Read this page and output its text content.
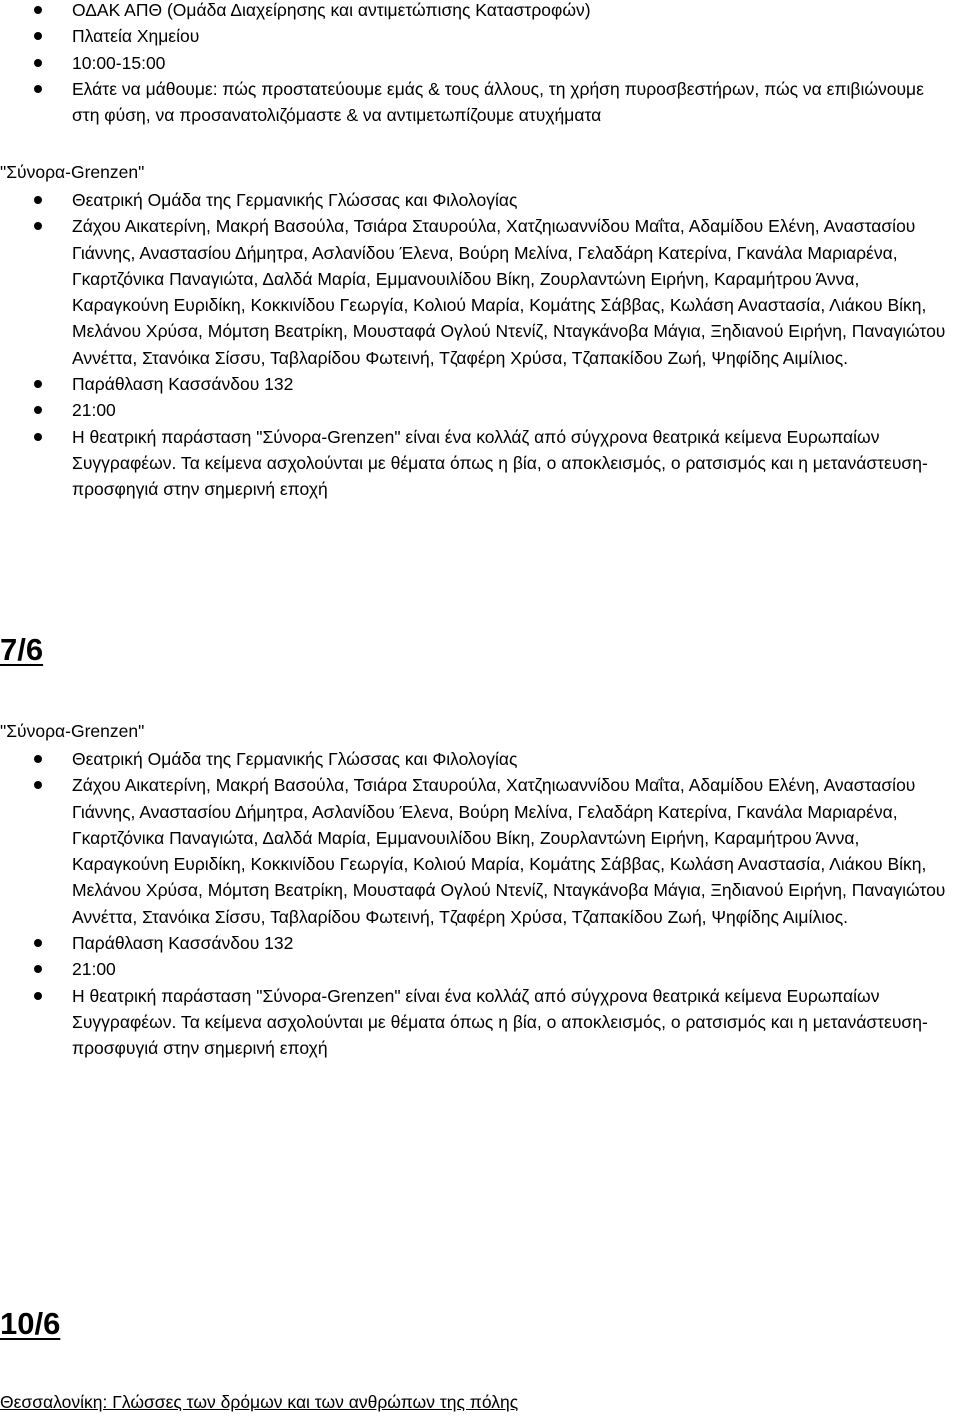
ΟΔΑΚ ΑΠΘ (Ομάδα Διαχείρησης και αντιμετώπισης Καταστροφών)
Πλατεία Χημείου
10:00-15:00
Ελάτε να μάθουμε: πώς προστατεύουμε εμάς & τους άλλους, τη χρήση πυροσβεστήρων, πώς να επιβιώνουμε στη φύση, να προσανατολιζόμαστε & να αντιμετωπίζουμε ατυχήματα

"Σύνορα-Grenzen"

Θεατρική Ομάδα της Γερμανικής Γλώσσας και Φιλολογίας
Ζάχου Αικατερίνη, Μακρή Βασούλα, Τσιάρα Σταυρούλα, Χατζηιωαννίδου Μαΐτα, Αδαμίδου Ελένη, Αναστασίου Γιάννης, Αναστασίου Δήμητρα, Ασλανίδου Έλενα, Βούρη Μελίνα, Γελαδάρη Κατερίνα, Γκανάλα Μαριαρένα, Γκαρτζόνικα Παναγιώτα, Δαλδά Μαρία, Εμμανουιλίδου Βίκη, Ζουρλαντώνη Ειρήνη, Καραμήτρου Άννα, Καραγκούνη Ευριδίκη, Κοκκινίδου Γεωργία, Κολιού Μαρία, Κομάτης Σάββας, Κωλάση Αναστασία, Λιάκου Βίκη, Μελάνου Χρύσα, Μόμτση Βεατρίκη, Μουσταφά Ογλού Ντενίζ, Νταγκάνοβα Μάγια, Ξηδιανού Ειρήνη, Παναγιώτου Αννέττα, Στανόικα Σίσσυ, Ταβλαρίδου Φωτεινή, Τζαφέρη Χρύσα, Τζαπακίδου Ζωή, Ψηφίδης Αιμίλιος.
Παράθλαση Κασσάνδου 132
21:00
Η θεατρική παράσταση "Σύνορα-Grenzen" είναι ένα κολλάζ από σύγχρονα θεατρικά κείμενα Ευρωπαίων Συγγραφέων. Τα κείμενα ασχολούνται με θέματα όπως η βία, ο αποκλεισμός, ο ρατσισμός και η μετανάστευση- προσφηγιά στην σημερινή εποχή

7/6

"Σύνορα-Grenzen"

Θεατρική Ομάδα της Γερμανικής Γλώσσας και Φιλολογίας
Ζάχου Αικατερίνη, Μακρή Βασούλα, Τσιάρα Σταυρούλα, Χατζηιωαννίδου Μαΐτα, Αδαμίδου Ελένη, Αναστασίου Γιάννης, Αναστασίου Δήμητρα, Ασλανίδου Έλενα, Βούρη Μελίνα, Γελαδάρη Κατερίνα, Γκανάλα Μαριαρένα, Γκαρτζόνικα Παναγιώτα, Δαλδά Μαρία, Εμμανουιλίδου Βίκη, Ζουρλαντώνη Ειρήνη, Καραμήτρου Άννα, Καραγκούνη Ευριδίκη, Κοκκινίδου Γεωργία, Κολιού Μαρία, Κομάτης Σάββας, Κωλάση Αναστασία, Λιάκου Βίκη, Μελάνου Χρύσα, Μόμτση Βεατρίκη, Μουσταφά Ογλού Ντενίζ, Νταγκάνοβα Μάγια, Ξηδιανού Ειρήνη, Παναγιώτου Αννέττα, Στανόικα Σίσσυ, Ταβλαρίδου Φωτεινή, Τζαφέρη Χρύσα, Τζαπακίδου Ζωή, Ψηφίδης Αιμίλιος.
Παράθλαση Κασσάνδου 132
21:00
Η θεατρική παράσταση "Σύνορα-Grenzen" είναι ένα κολλάζ από σύγχρονα θεατρικά κείμενα Ευρωπαίων Συγγραφέων. Τα κείμενα ασχολούνται με θέματα όπως η βία, ο αποκλεισμός, ο ρατσισμός και η μετανάστευση- προσφυγιά στην σημερινή εποχή

10/6

Θεσσαλονίκη: Γλώσσες των δρόμων και των ανθρώπων της πόλης
